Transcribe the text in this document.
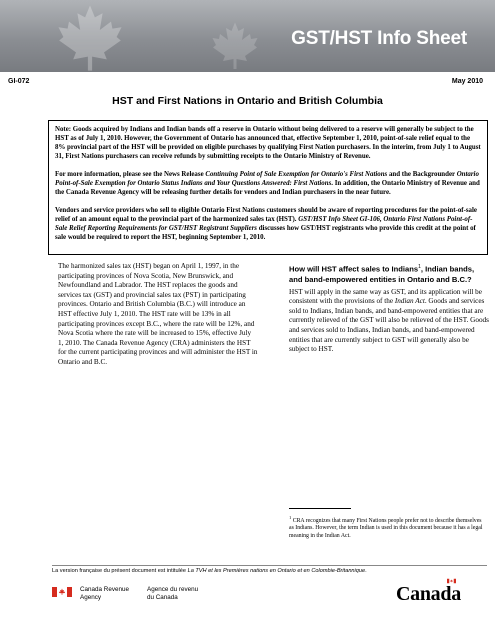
GST/HST Info Sheet
GI-072	May 2010
HST and First Nations in Ontario and British Columbia

Note: Goods acquired by Indians and Indian bands off a reserve in Ontario without being delivered to a reserve will generally be subject to the HST as of July 1, 2010. However, the Government of Ontario has announced that, effective September 1, 2010, point-of-sale relief equal to the 8% provincial part of the HST will be provided on eligible purchases by qualifying First Nation purchasers. In the interim, from July 1 to August 31, First Nations purchasers can receive refunds by submitting receipts to the Ontario Ministry of Revenue.

For more information, please see the News Release Continuing Point of Sale Exemption for Ontario's First Nations and the Backgrounder Ontario Point-of-Sale Exemption for Ontario Status Indians and Your Questions Answered: First Nations. In addition, the Ontario Ministry of Revenue and the Canada Revenue Agency will be releasing further details for vendors and Indian purchasers in the near future.

Vendors and service providers who sell to eligible Ontario First Nations customers should be aware of reporting procedures for the point-of-sale relief of an amount equal to the provincial part of the harmonized sales tax (HST). GST/HST Info Sheet GI-106, Ontario First Nations Point-of-Sale Relief Reporting Requirements for GST/HST Registrant Suppliers discusses how GST/HST registrants who provide this credit at the point of sale would be required to report the HST, beginning September 1, 2010.

The harmonized sales tax (HST) began on April 1, 1997, in the participating provinces of Nova Scotia, New Brunswick, and Newfoundland and Labrador. The HST replaces the goods and services tax (GST) and provincial sales tax (PST) in participating provinces. Ontario and British Columbia (B.C.) will introduce an HST effective July 1, 2010. The HST rate will be 13% in all participating provinces except B.C., where the rate will be 12%, and Nova Scotia where the rate will be increased to 15%, effective July 1, 2010. The Canada Revenue Agency (CRA) administers the HST for the current participating provinces and will administer the HST in Ontario and B.C.
How will HST affect sales to Indians$^1$, Indian bands, and band-empowered entities in Ontario and B.C.?

HST will apply in the same way as GST, and its application will be consistent with the provisions of the Indian Act. Goods and services sold to Indians, Indian bands, and band-empowered entities that are currently relieved of the GST will also be relieved of the HST. Goods and services sold to Indians, Indian bands, and band-empowered entities that are currently subject to GST will generally also be subject to HST.

$^1$ CRA recognizes that many First Nations people prefer not to describe themselves as Indians. However, the term Indian is used in this document because it has a legal meaning in the Indian Act.
La version française du présent document est intitulée La TVH et les Premières nations en Ontario et en Colombie-Britannique.
Canada Revenue
Agency
Agence du revenu
du Canada	Canada
